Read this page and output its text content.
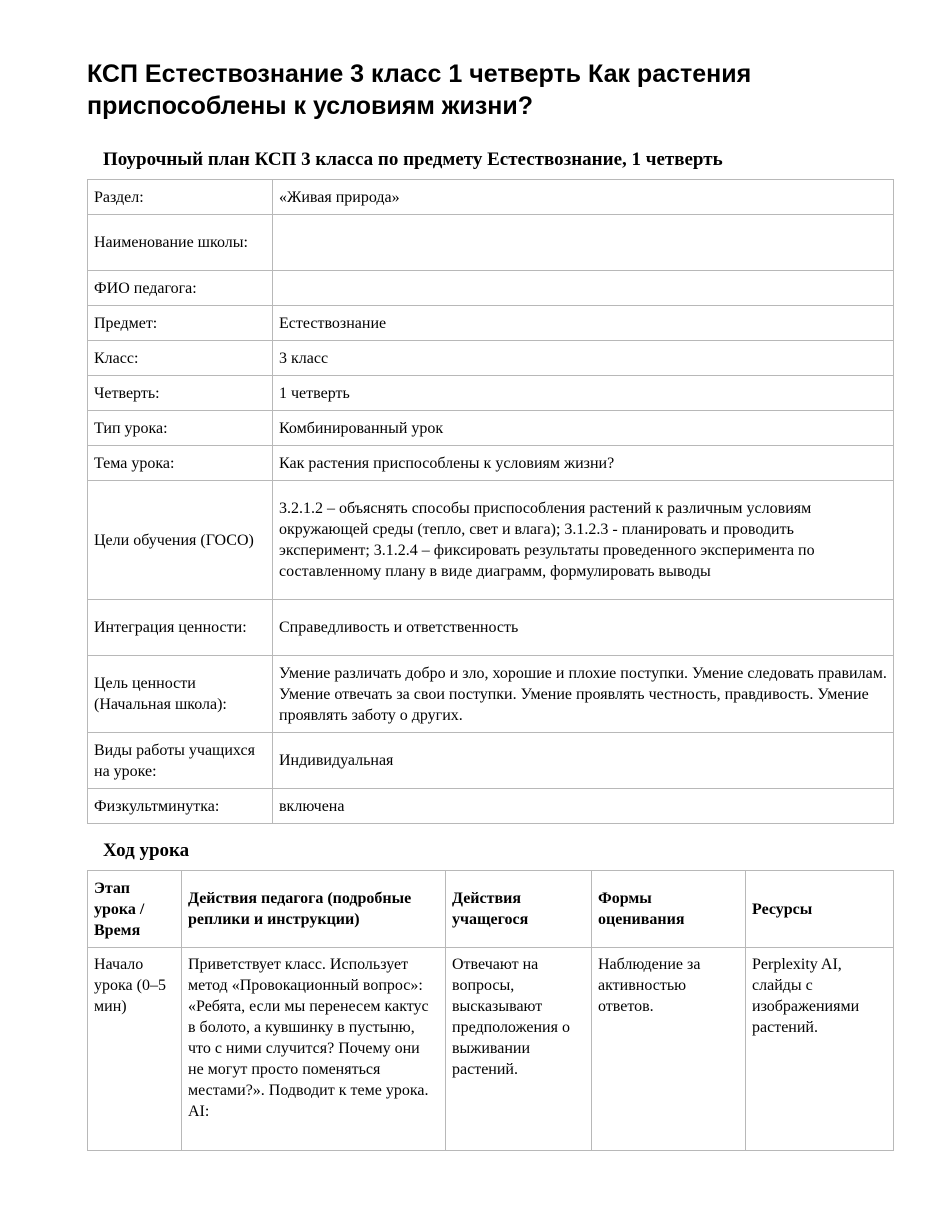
КСП Естествознание 3 класс 1 четверть Как растения приспособлены к условиям жизни?
Поурочный план КСП 3 класса по предмету Естествознание, 1 четверть
Раздел:	«Живая природа»
Наименование школы:	
ФИО педагога:	
Предмет:	Естествознание
Класс:	3 класс
Четверть:	1 четверть
Тип урока:	Комбинированный урок
Тема урока:	Как растения приспособлены к условиям жизни?
Цели обучения (ГОСО)	3.2.1.2 – объяснять способы приспособления растений к различным условиям окружающей среды (тепло, свет и влага); 3.1.2.3 - планировать и проводить эксперимент; 3.1.2.4 – фиксировать результаты проведенного эксперимента по составленному плану в виде диаграмм, формулировать выводы
Интеграция ценности:	Справедливость и ответственность
Цель ценности (Начальная школа):	Умение различать добро и зло, хорошие и плохие поступки. Умение следовать правилам. Умение отвечать за свои поступки. Умение проявлять честность, правдивость. Умение проявлять заботу о других.
Виды работы учащихся на уроке:	Индивидуальная
Физкультминутка:	включена
Ход урока
Этап урока / Время	Действия педагога (подробные реплики и инструкции)	Действия учащегося	Формы оценивания	Ресурсы
Начало урока (0–5 мин)	Приветствует класс. Использует метод «Провокационный вопрос»: «Ребята, если мы перенесем кактус в болото, а кувшинку в пустыню, что с ними случится? Почему они не могут просто поменяться местами?». Подводит к теме урока. AI:	Отвечают на вопросы, высказывают предположения о выживании растений.	Наблюдение за активностью ответов.	Perplexity AI, слайды с изображениями растений.
